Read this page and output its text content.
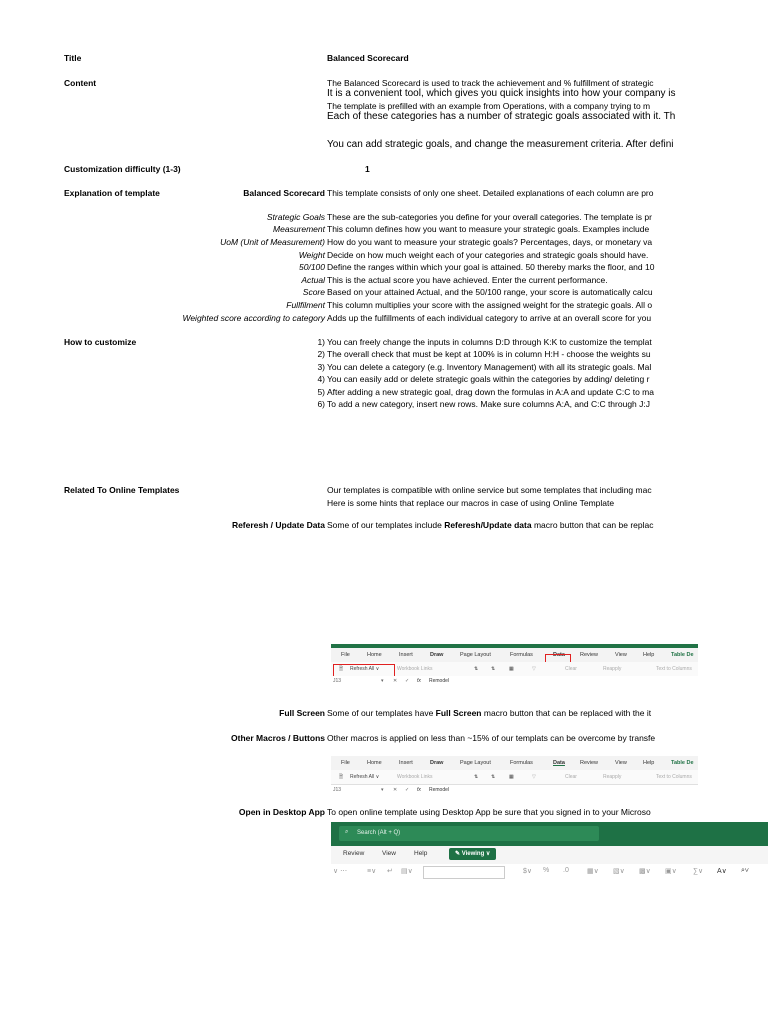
Title	Balanced Scorecard
Content	The Balanced Scorecard is used to track the achievement and % fulfillment of strategic
It is a convenient tool, which gives you quick insights into how your company is
The template is prefilled with an example from Operations, with a company trying to m
Each of these categories has a number of strategic goals associated with it. Th
You can add strategic goals, and change the measurement criteria. After defini
Customization difficulty (1-3)	1
Explanation of template	Balanced Scorecard This template consists of only one sheet. Detailed explanations of each column are pro
Strategic Goals These are the sub-categories you define for your overall categories. The template is pr
Measurement This column defines how you want to measure your strategic goals. Examples include
UoM (Unit of Measurement) How do you want to measure your strategic goals? Percentages, days, or monetary va
Weight Decide on how much weight each of your categories and strategic goals should have.
50/100 Define the ranges within which your goal is attained. 50 thereby marks the floor, and 10
Actual This is the actual score you have achieved. Enter the current performance.
Score Based on your attained Actual, and the 50/100 range, your score is automatically calcu
Fullfilment This column multiplies your score with the assigned weight for the strategic goals. All o
Weighted score according to category Adds up the fulfillments of each individual category to arrive at an overall score for you
How to customize	1) You can freely change the inputs in columns D:D through K:K to customize the templat
2) The overall check that must be kept at 100% is in column H:H - choose the weights su
3) You can delete a category (e.g. Inventory Management) with all its strategic goals. Mal
4) You can easily add or delete strategic goals within the categories by adding/ deleting r
5) After adding a new strategic goal, drag down the formulas in A:A and update C:C to ma
6) To add a new category, insert new rows. Make sure columns A:A, and C:C through J:J
Related To Online Templates	Our templates is compatible with online service but some templates that including mac
Here is some hints that replace our macros in case of using Online Template
Referesh / Update Data Some of our templates include Referesh/Update data macro button that can be replac
File	Home	Insert	Draw	Page Layout	Formulas	Data	Review	View	Help	Table De
🗎 Refresh All ∨	Workbook Links	⇅	⇅	▦	▽	Clear	Reapply	Text to Columns
J13	▾ ✕ ✓ fx Remodel
Full Screen Some of our templates have Full Screen macro button that can be replaced with the it
Other Macros / Buttons Other macros is applied on less than ~15% of our templats can be overcome by transfe
File	Home	Insert	Draw	Page Layout	Formulas	Data	Review	View	Help	Table De
🗎 Refresh All ∨	Workbook Links	⇅	⇅	▦	▽	Clear	Reapply	Text to Columns
J13	▾ ✕ ✓ fx Remodel
Open in Desktop App To open online template using Desktop App be sure that you signed in to your Microso
⌕ Search (Alt + Q)
Review	View	Help	✎ Viewing ∨
∨ ⋯	≡∨ ↵ ▤∨	$∨ % .0	▦∨ ▧∨ ▩∨ ▣∨ ∑∨ A∨ ⌕∨
